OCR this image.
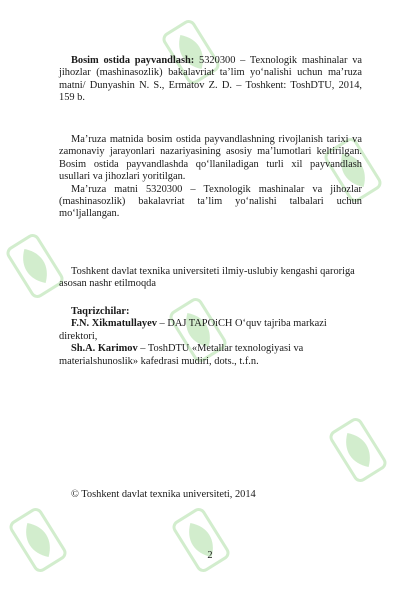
Bosim ostida payvandlash: 5320300 – Texnologik mashinalar va jihozlar (mashinasozlik) bakalavriat ta’lim yo‘nalishi uchun ma’ruza matni/ Dunyashin N. S., Ermatov Z. D. – Toshkent: ToshDTU, 2014, 159 b.

Ma’ruza matnida bosim ostida payvandlashning rivojlanish tarixi va zamonaviy jarayonlari nazariyasining asosiy ma’lumotlari keltirilgan. Bosim ostida payvandlashda qo‘llaniladigan turli xil payvandlash usullari va jihozlari yoritilgan.

Ma’ruza matni 5320300 – Texnologik mashinalar va jihozlar (mashinasozlik) bakalavriat ta’lim yo‘nalishi talbalari uchun mo‘ljallangan.

Toshkent davlat texnika universiteti ilmiy-uslubiy kengashi qaroriga asosan nashr etilmoqda

Taqrizchilar:

F.N. Xikmatullayev – DAJ TAPOiCH O‘quv tajriba markazi direktori,

Sh.A. Karimov – ToshDTU «Metallar texnologiyasi va materialshunoslik» kafedrasi mudiri, dots., t.f.n.

© Toshkent davlat texnika universiteti, 2014

2
